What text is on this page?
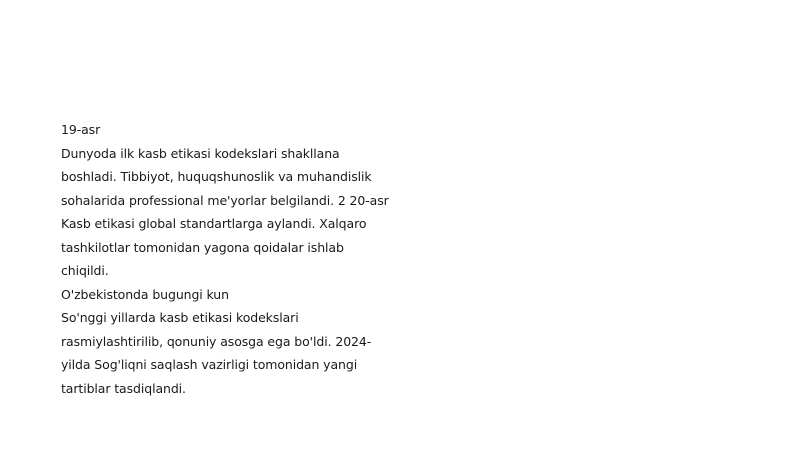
19-asr
Dunyoda ilk kasb etikasi kodekslari shakllana
boshladi. Tibbiyot, huquqshunoslik va muhandislik
sohalarida professional me'yorlar belgilandi. 2 20-asr
Kasb etikasi global standartlarga aylandi. Xalqaro
tashkilotlar tomonidan yagona qoidalar ishlab
chiqildi.
O'zbekistonda bugungi kun
So'nggi yillarda kasb etikasi kodekslari
rasmiylashtirilib, qonuniy asosga ega bo'ldi. 2024-
yilda Sog'liqni saqlash vazirligi tomonidan yangi
tartiblar tasdiqlandi.
